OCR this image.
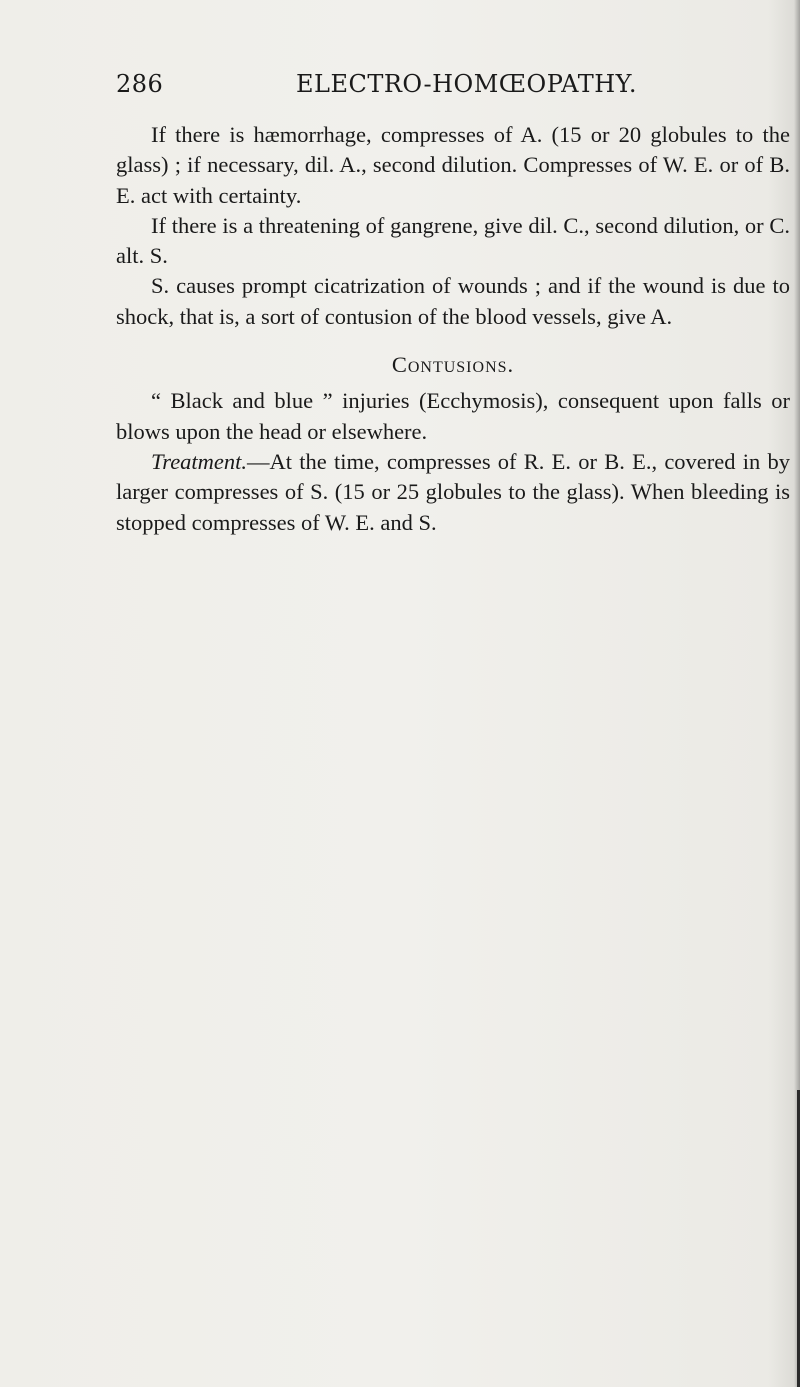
286	ELECTRO-HOMŒOPATHY.

If there is hæmorrhage, compresses of A. (15 or 20 globules to the glass) ; if necessary, dil. A., second dilution. Compresses of W. E. or of B. E. act with certainty.

If there is a threatening of gangrene, give dil. C., second dilution, or C. alt. S.

S. causes prompt cicatrization of wounds ; and if the wound is due to shock, that is, a sort of contusion of the blood vessels, give A.

Contusions.

“ Black and blue ” injuries (Ecchymosis), consequent upon falls or blows upon the head or elsewhere.

Treatment.—At the time, compresses of R. E. or B. E., covered in by larger compresses of S. (15 or 25 globules to the glass). When bleeding is stopped compresses of W. E. and S.
